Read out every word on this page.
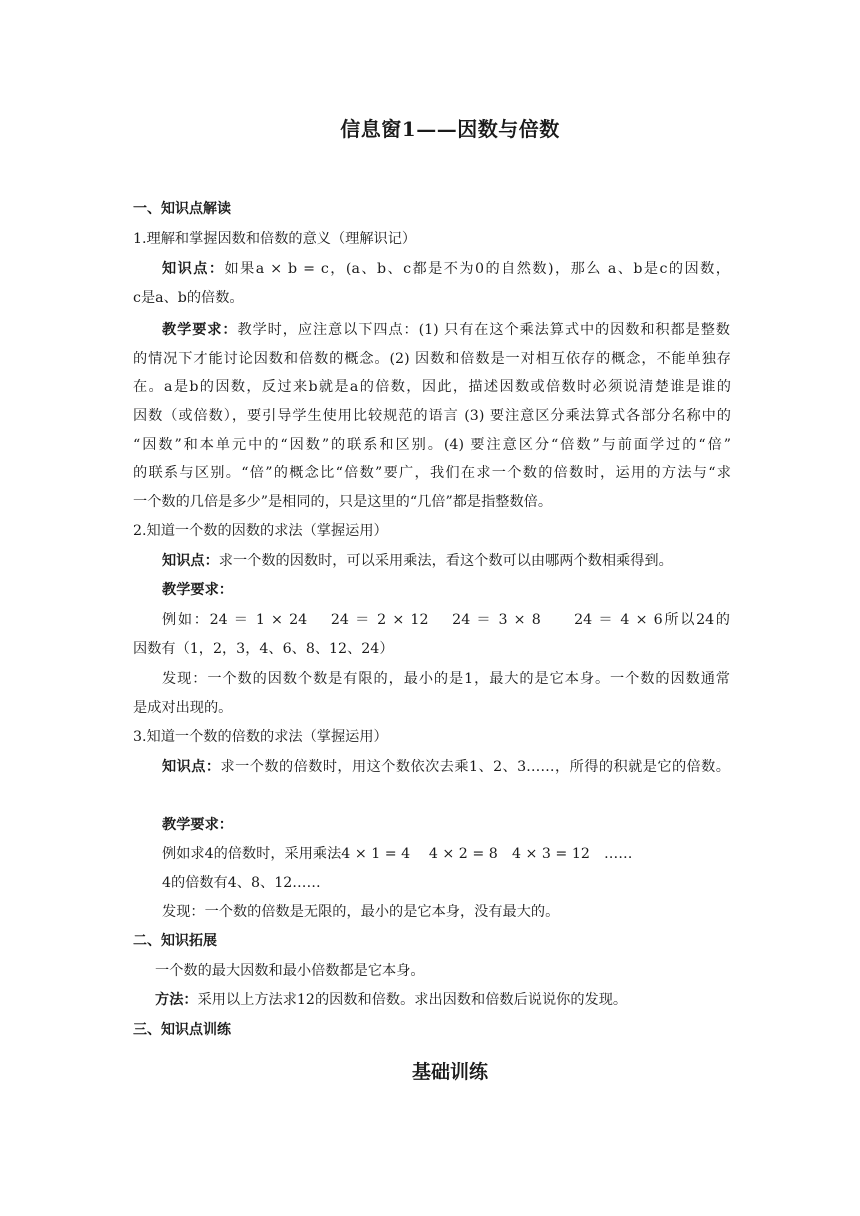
信息窗1——因数与倍数
一、知识点解读
1.理解和掌握因数和倍数的意义（理解识记）
知识点：如果a × b = c，(a、b、c都是不为0的自然数)，那么 a、b是c的因数，
c是a、b的倍数。
教学要求：教学时，应注意以下四点：(1) 只有在这个乘法算式中的因数和积都是整数
的情况下才能讨论因数和倍数的概念。(2) 因数和倍数是一对相互依存的概念，不能单独存
在。a是b的因数，反过来b就是a的倍数，因此，描述因数或倍数时必须说清楚谁是谁的
因数（或倍数），要引导学生使用比较规范的语言 (3) 要注意区分乘法算式各部分名称中的
“因数”和本单元中的“因数”的联系和区别。(4) 要注意区分“倍数”与前面学过的“倍”
的联系与区别。“倍”的概念比“倍数”要广，我们在求一个数的倍数时，运用的方法与“求
一个数的几倍是多少”是相同的，只是这里的“几倍”都是指整数倍。
2.知道一个数的因数的求法（掌握运用）
知识点：求一个数的因数时，可以采用乘法，看这个数可以由哪两个数相乘得到。
教学要求：
例如：24 ＝ 1 × 24　 24 ＝ 2 × 12　 24 ＝ 3 × 8　　24 ＝ 4 × 6所以24的
因数有（1，2，3，4、6、8、12、24）
发现：一个数的因数个数是有限的，最小的是1，最大的是它本身。一个数的因数通常
是成对出现的。
3.知道一个数的倍数的求法（掌握运用）
知识点：求一个数的倍数时，用这个数依次去乘1、2、3……，所得的积就是它的倍数。
教学要求：
例如求4的倍数时，采用乘法4 × 1 = 4　 4 × 2 = 8　4 × 3 = 12　……
4的倍数有4、8、12……
发现：一个数的倍数是无限的，最小的是它本身，没有最大的。
二、知识拓展
一个数的最大因数和最小倍数都是它本身。
方法：采用以上方法求12的因数和倍数。求出因数和倍数后说说你的发现。
三、知识点训练
基础训练
